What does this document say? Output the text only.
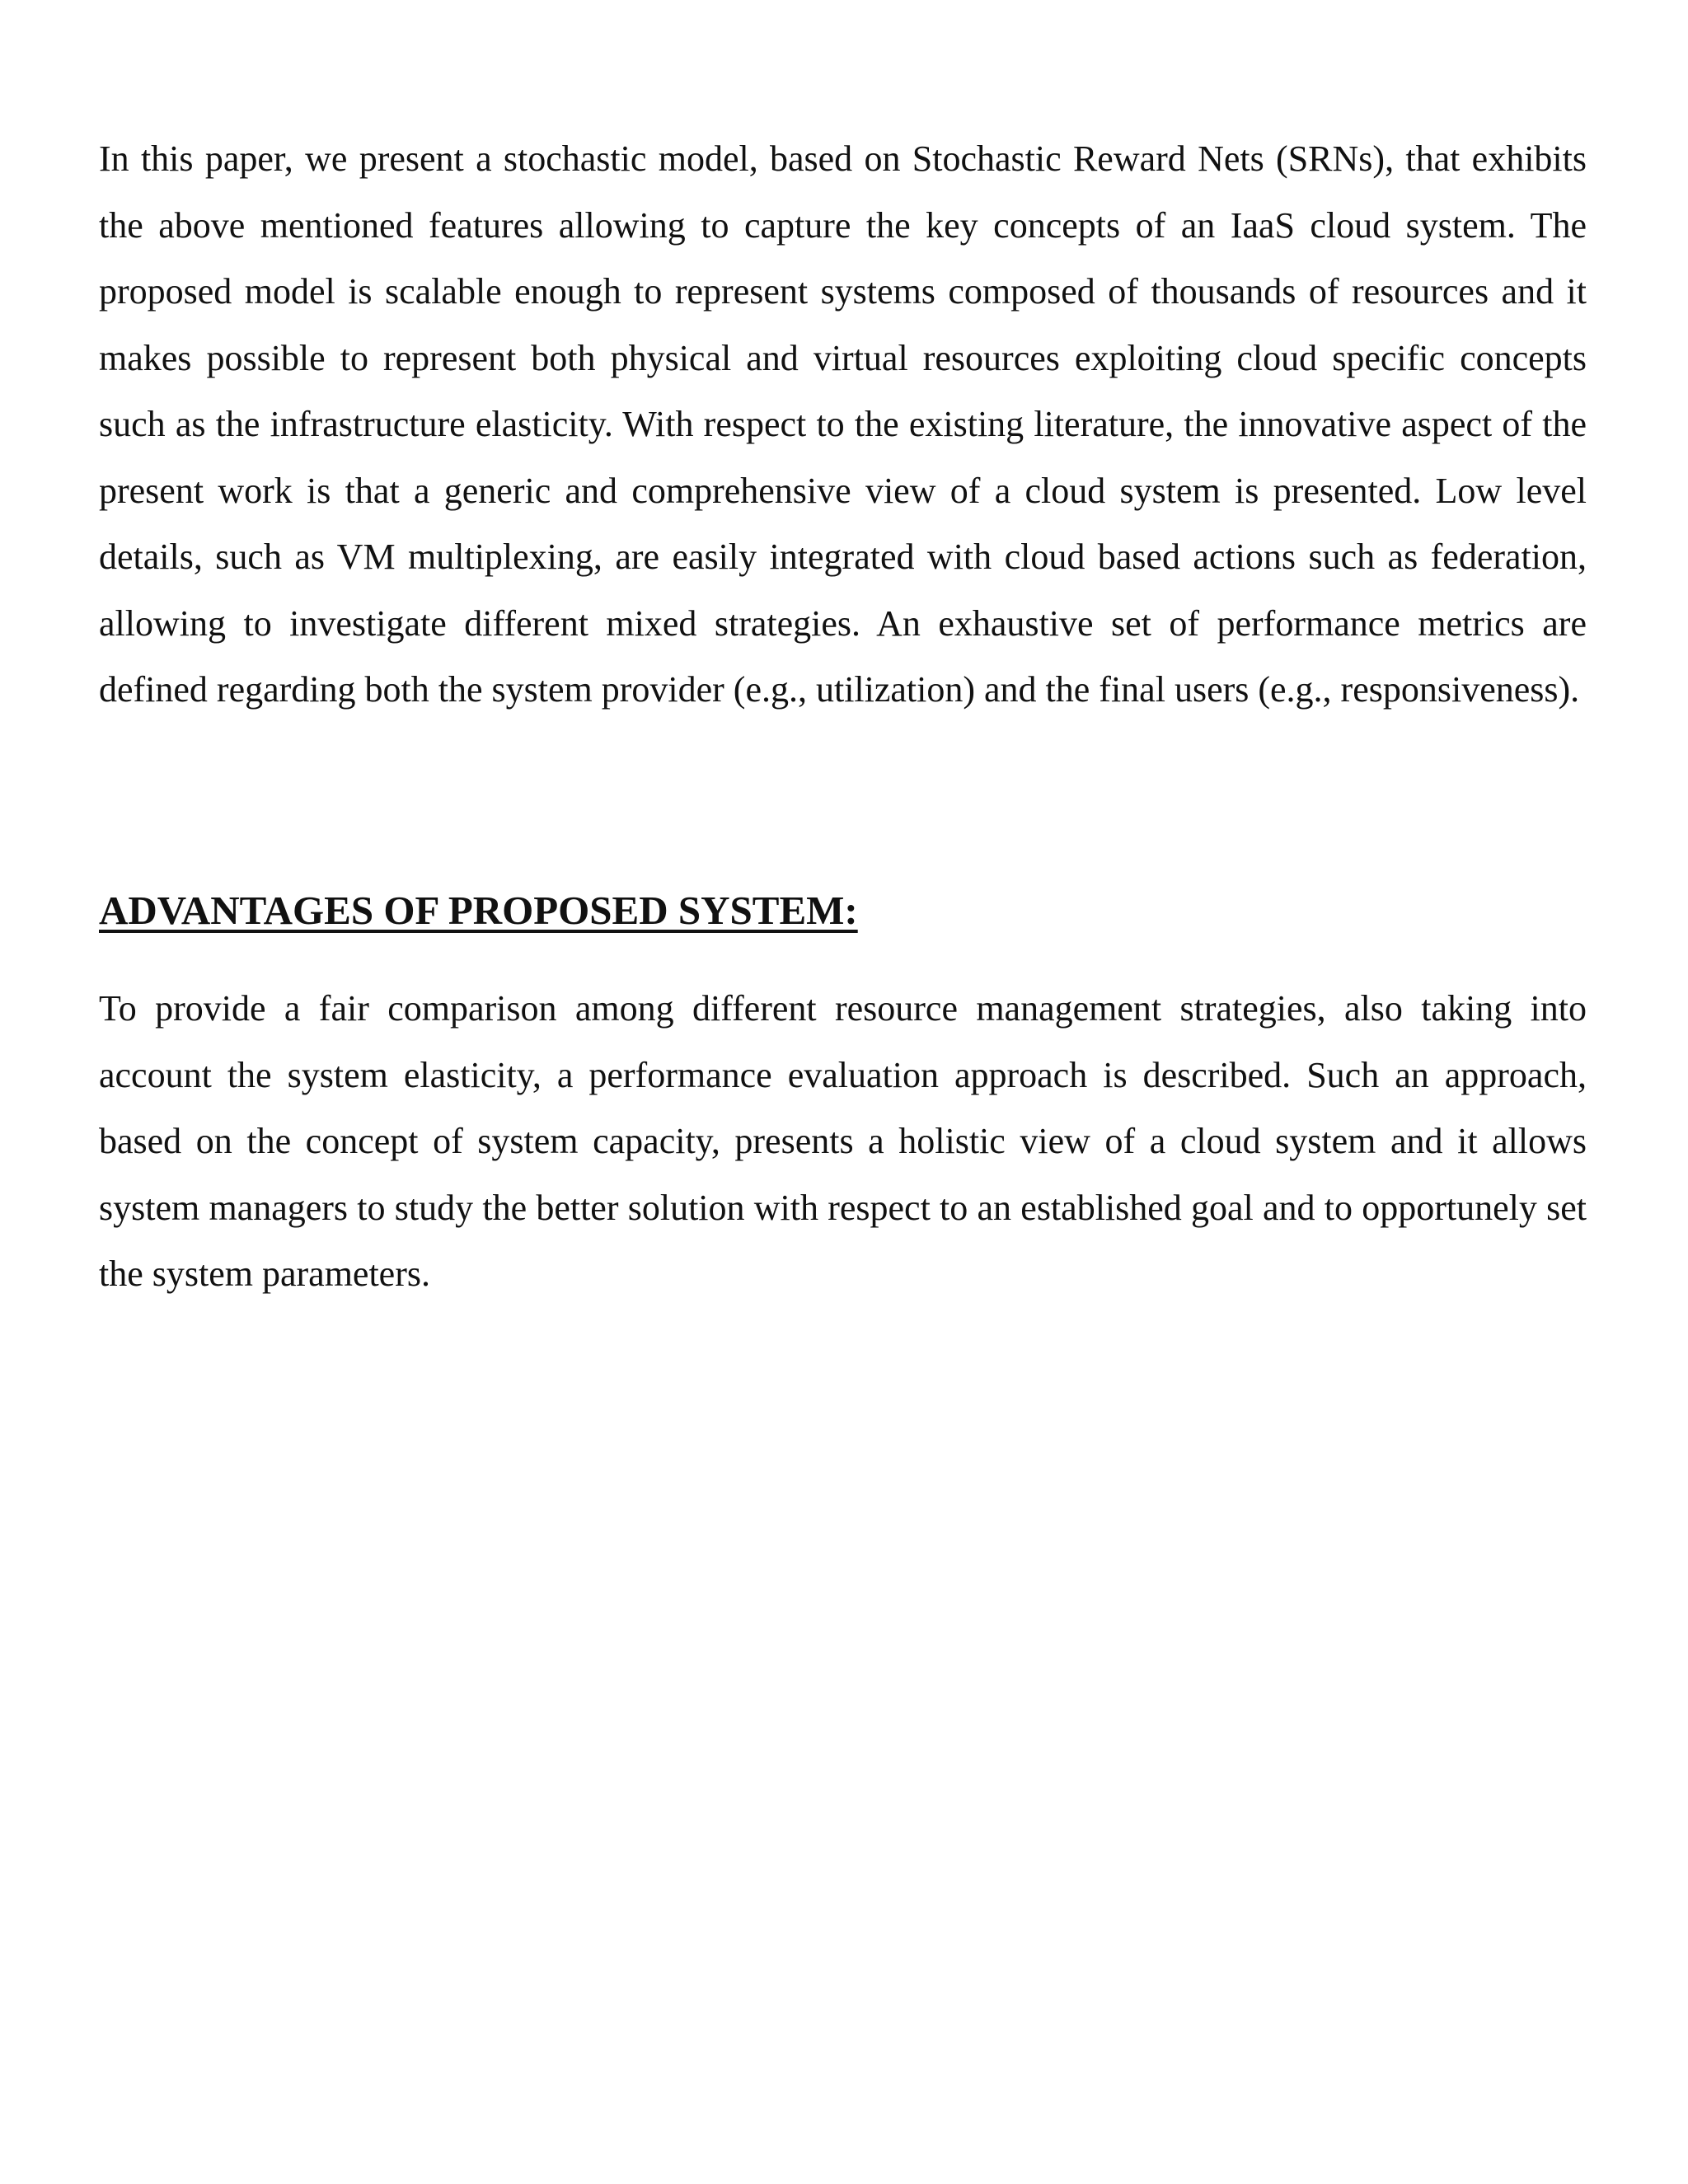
In this paper, we present a stochastic model, based on Stochastic Reward Nets (SRNs), that exhibits the above mentioned features allowing to capture the key concepts of an IaaS cloud system. The proposed model is scalable enough to represent systems composed of thousands of resources and it makes possible to represent both physical and virtual resources exploiting cloud specific concepts such as the infrastructure elasticity. With respect to the existing literature, the innovative aspect of the present work is that a generic and comprehensive view of a cloud system is presented. Low level details, such as VM multiplexing, are easily integrated with cloud based actions such as federation, allowing to investigate different mixed strategies. An exhaustive set of performance metrics are defined regarding both the system provider (e.g., utilization) and the final users (e.g., responsiveness).

ADVANTAGES OF PROPOSED SYSTEM:

To provide a fair comparison among different resource management strategies, also taking into account the system elasticity, a performance evaluation approach is described. Such an approach, based on the concept of system capacity, presents a holistic view of a cloud system and it allows system managers to study the better solution with respect to an established goal and to opportunely set the system parameters.
